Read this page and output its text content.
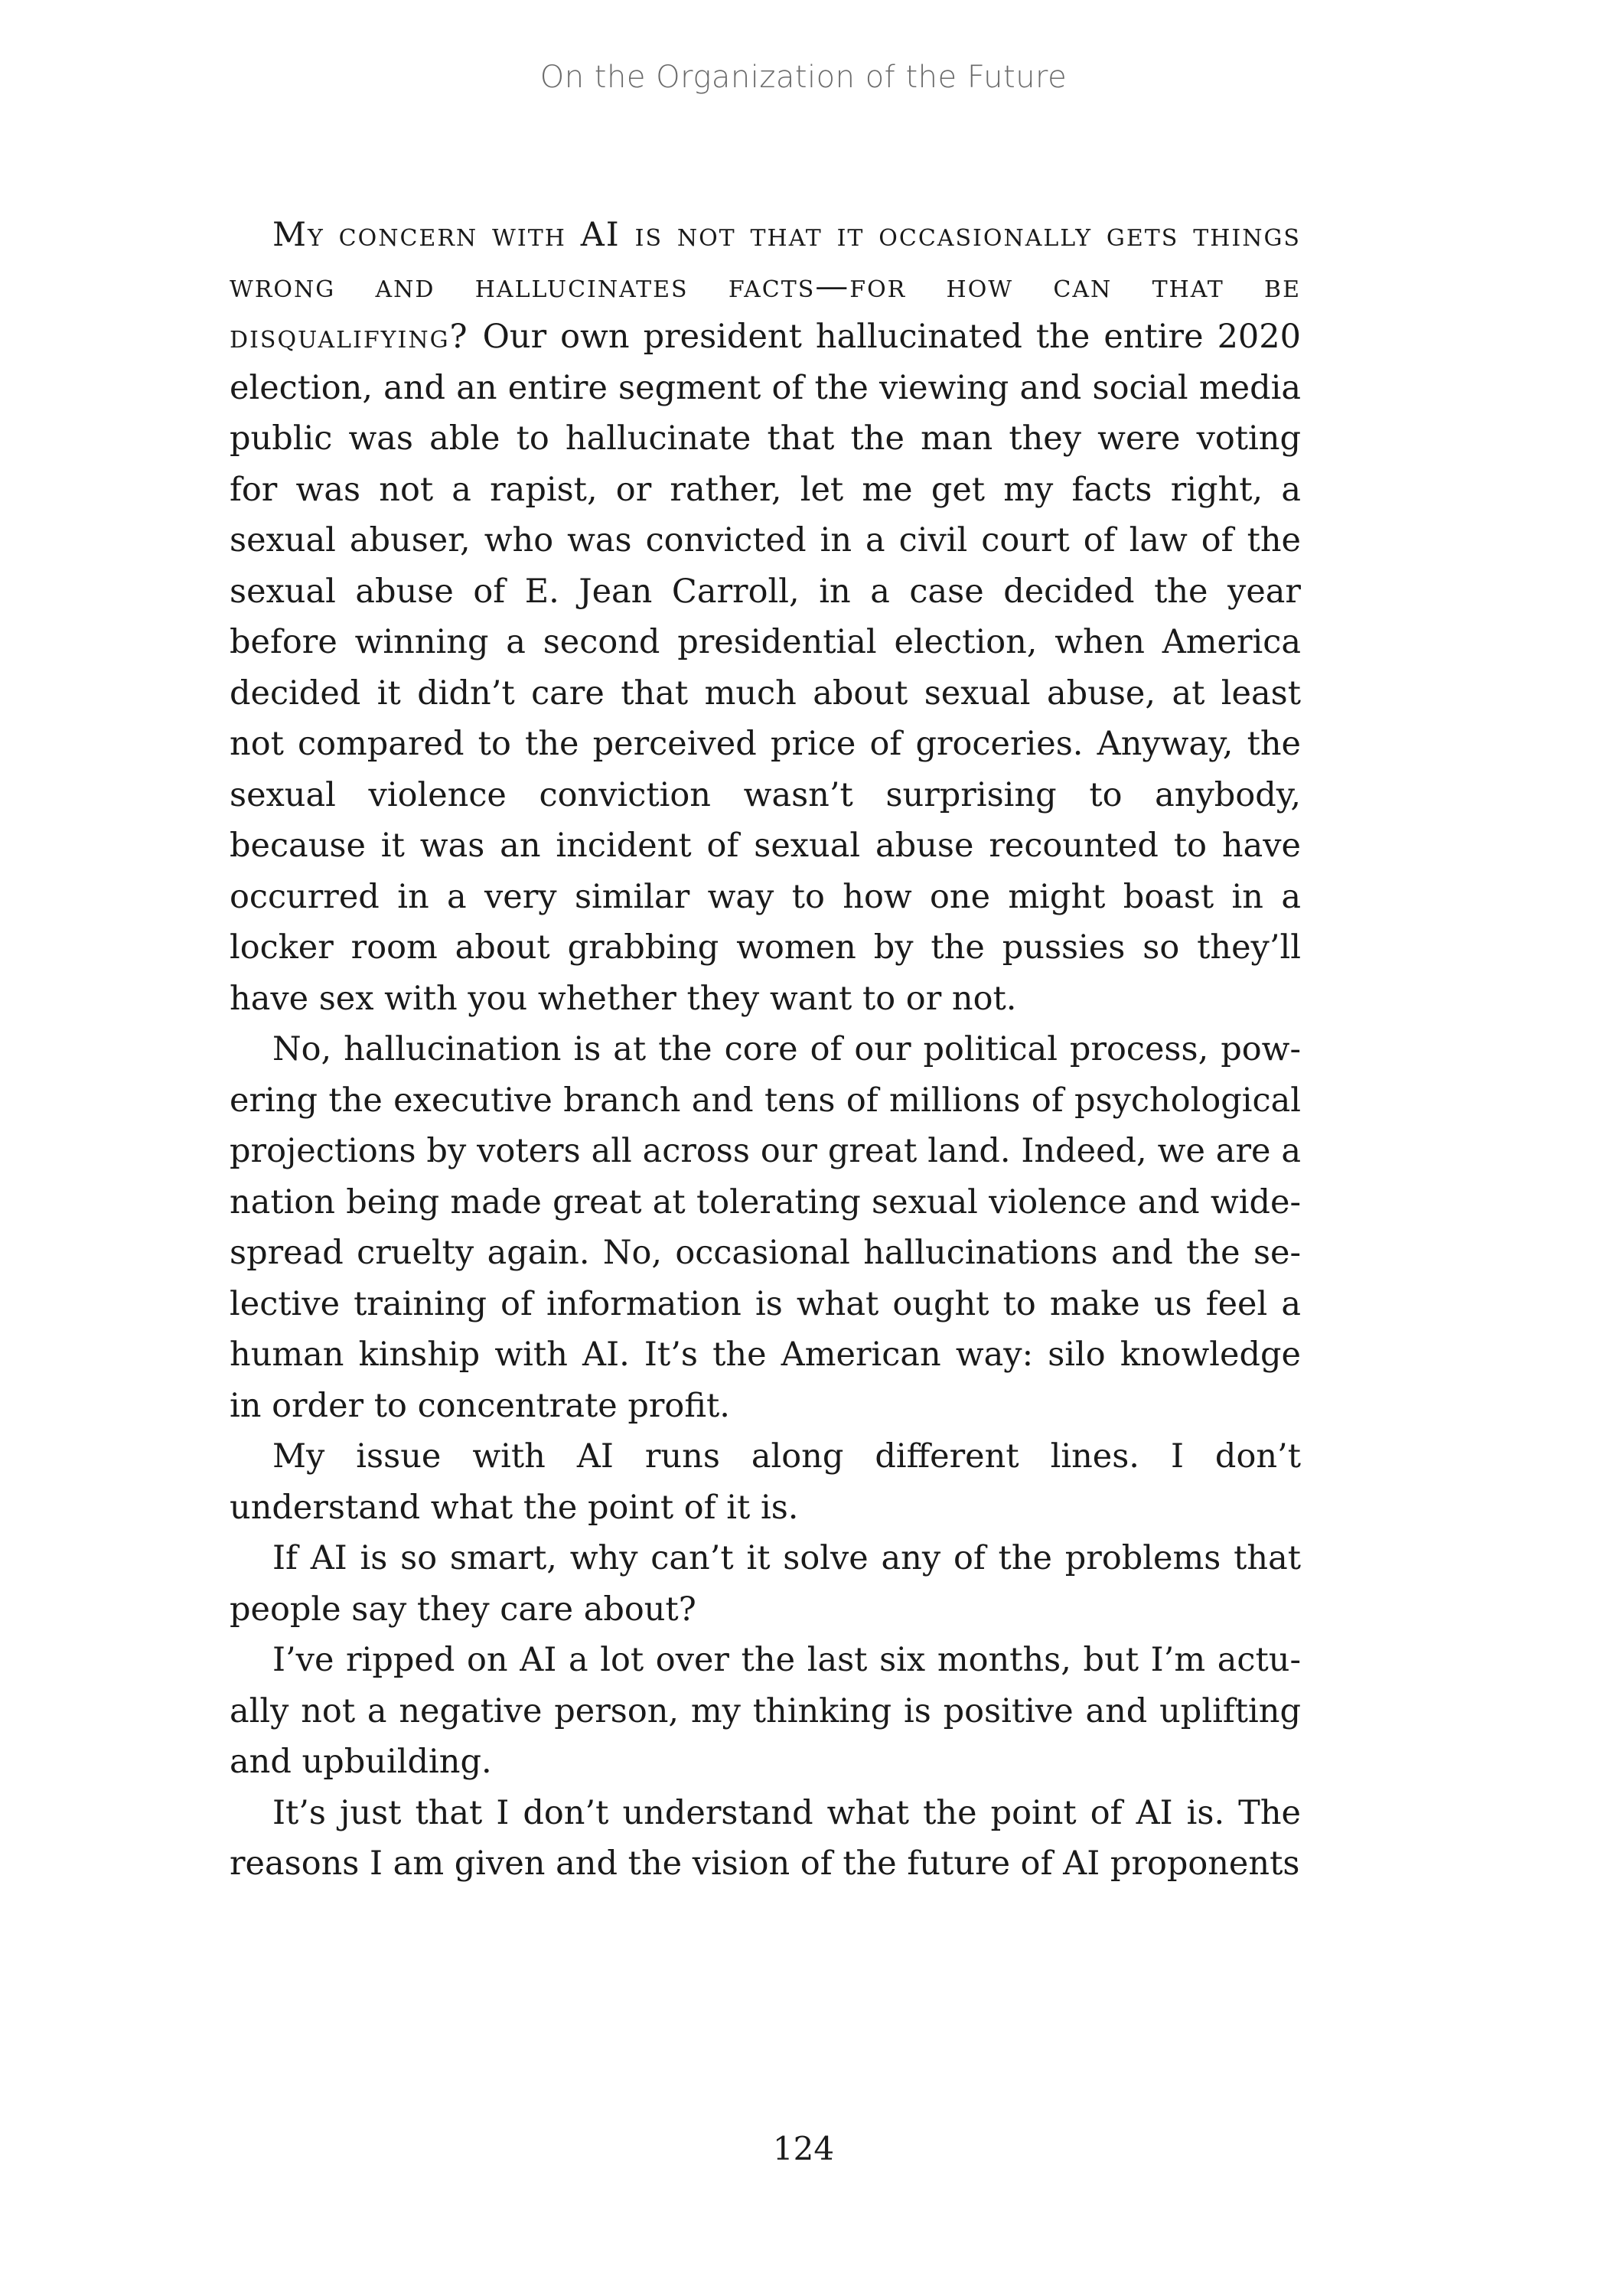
On the Organization of the Future

My concern with AI is not that it occasionally gets things wrong and hallucinates facts—for how can that be disqualifying? Our own president hallucinated the entire 2020 election, and an entire segment of the viewing and social media public was able to hallucinate that the man they were voting for was not a rapist, or rather, let me get my facts right, a sexual abuser, who was convicted in a civil court of law of the sexual abuse of E. Jean Carroll, in a case decided the year before winning a second presidential election, when America decided it didn’t care that much about sexual abuse, at least not compared to the perceived price of groceries. Anyway, the sexual violence conviction wasn’t surprising to anybody, because it was an incident of sexual abuse recounted to have occurred in a very similar way to how one might boast in a locker room about grabbing women by the pussies so they’ll have sex with you whether they want to or not.

No, hallucination is at the core of our political process, powering the executive branch and tens of millions of psychological projections by voters all across our great land. Indeed, we are a nation being made great at tolerating sexual violence and widespread cruelty again. No, occasional hallucinations and the selective training of information is what ought to make us feel a human kinship with AI. It’s the American way: silo knowledge in order to concentrate profit.

My issue with AI runs along different lines. I don’t understand what the point of it is.

If AI is so smart, why can’t it solve any of the problems that people say they care about?

I’ve ripped on AI a lot over the last six months, but I’m actually not a negative person, my thinking is positive and uplifting and upbuilding.

It’s just that I don’t understand what the point of AI is. The reasons I am given and the vision of the future of AI proponents

124
